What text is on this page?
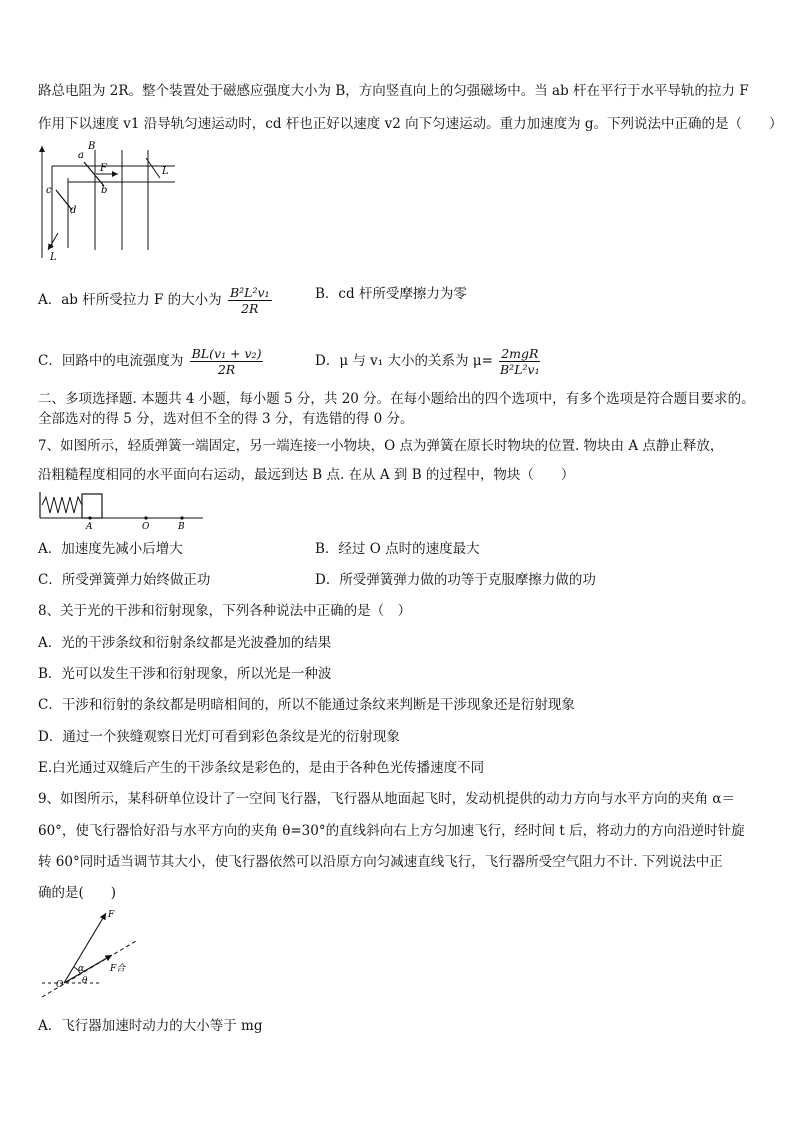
路总电阻为 2R。整个装置处于磁感应强度大小为 B，方向竖直向上的匀强磁场中。当 ab 杆在平行于水平导轨的拉力 F
作用下以速度 v1 沿导轨匀速运动时，cd 杆也正好以速度 v2 向下匀速运动。重力加速度为 g。下列说法中正确的是（　　）
a
b
B
F	L
c
d
L
A．ab 杆所受拉力 F 的大小为 $\frac{\text{B²L²v₁}}{2R}$	B．cd 杆所受摩擦力为零
C．回路中的电流强度为 $\frac{\text{BL(v₁ + v₂)}}{2R}$	D．μ 与 v₁ 大小的关系为 $\mu= \frac{\text{2mgR}}{\text{B²L²v₁}}$
二、多项选择题. 本题共 4 小题，每小题 5 分，共 20 分。在每小题给出的四个选项中，有多个选项是符合题目要求的。
全部选对的得 5 分，选对但不全的得 3 分，有选错的得 0 分。
7、如图所示，轻质弹簧一端固定，另一端连接一小物块，O 点为弹簧在原长时物块的位置. 物块由 A 点静止释放，
沿粗糙程度相同的水平面向右运动，最远到达 B 点. 在从 A 到 B 的过程中，物块（　　）
A	O	B
A．加速度先减小后增大	B．经过 O 点时的速度最大
C．所受弹簧弹力始终做正功	D．所受弹簧弹力做的功等于克服摩擦力做的功
8、关于光的干涉和衍射现象，下列各种说法中正确的是（　）
A．光的干涉条纹和衍射条纹都是光波叠加的结果
B．光可以发生干涉和衍射现象，所以光是一种波
C．干涉和衍射的条纹都是明暗相间的，所以不能通过条纹来判断是干涉现象还是衍射现象
D．通过一个狭缝观察日光灯可看到彩色条纹是光的衍射现象
E.白光通过双缝后产生的干涉条纹是彩色的，是由于各种色光传播速度不同
9、如图所示，某科研单位设计了一空间飞行器，飞行器从地面起飞时，发动机提供的动力方向与水平方向的夹角 α＝
60°，使飞行器恰好沿与水平方向的夹角 θ=30°的直线斜向右上方匀加速飞行，经时间 t 后，将动力的方向沿逆时针旋
转 60°同时适当调节其大小，使飞行器依然可以沿原方向匀减速直线飞行，飞行器所受空气阻力不计. 下列说法中正
确的是(　　)
F
F合
O
α
θ
A．飞行器加速时动力的大小等于 mg
